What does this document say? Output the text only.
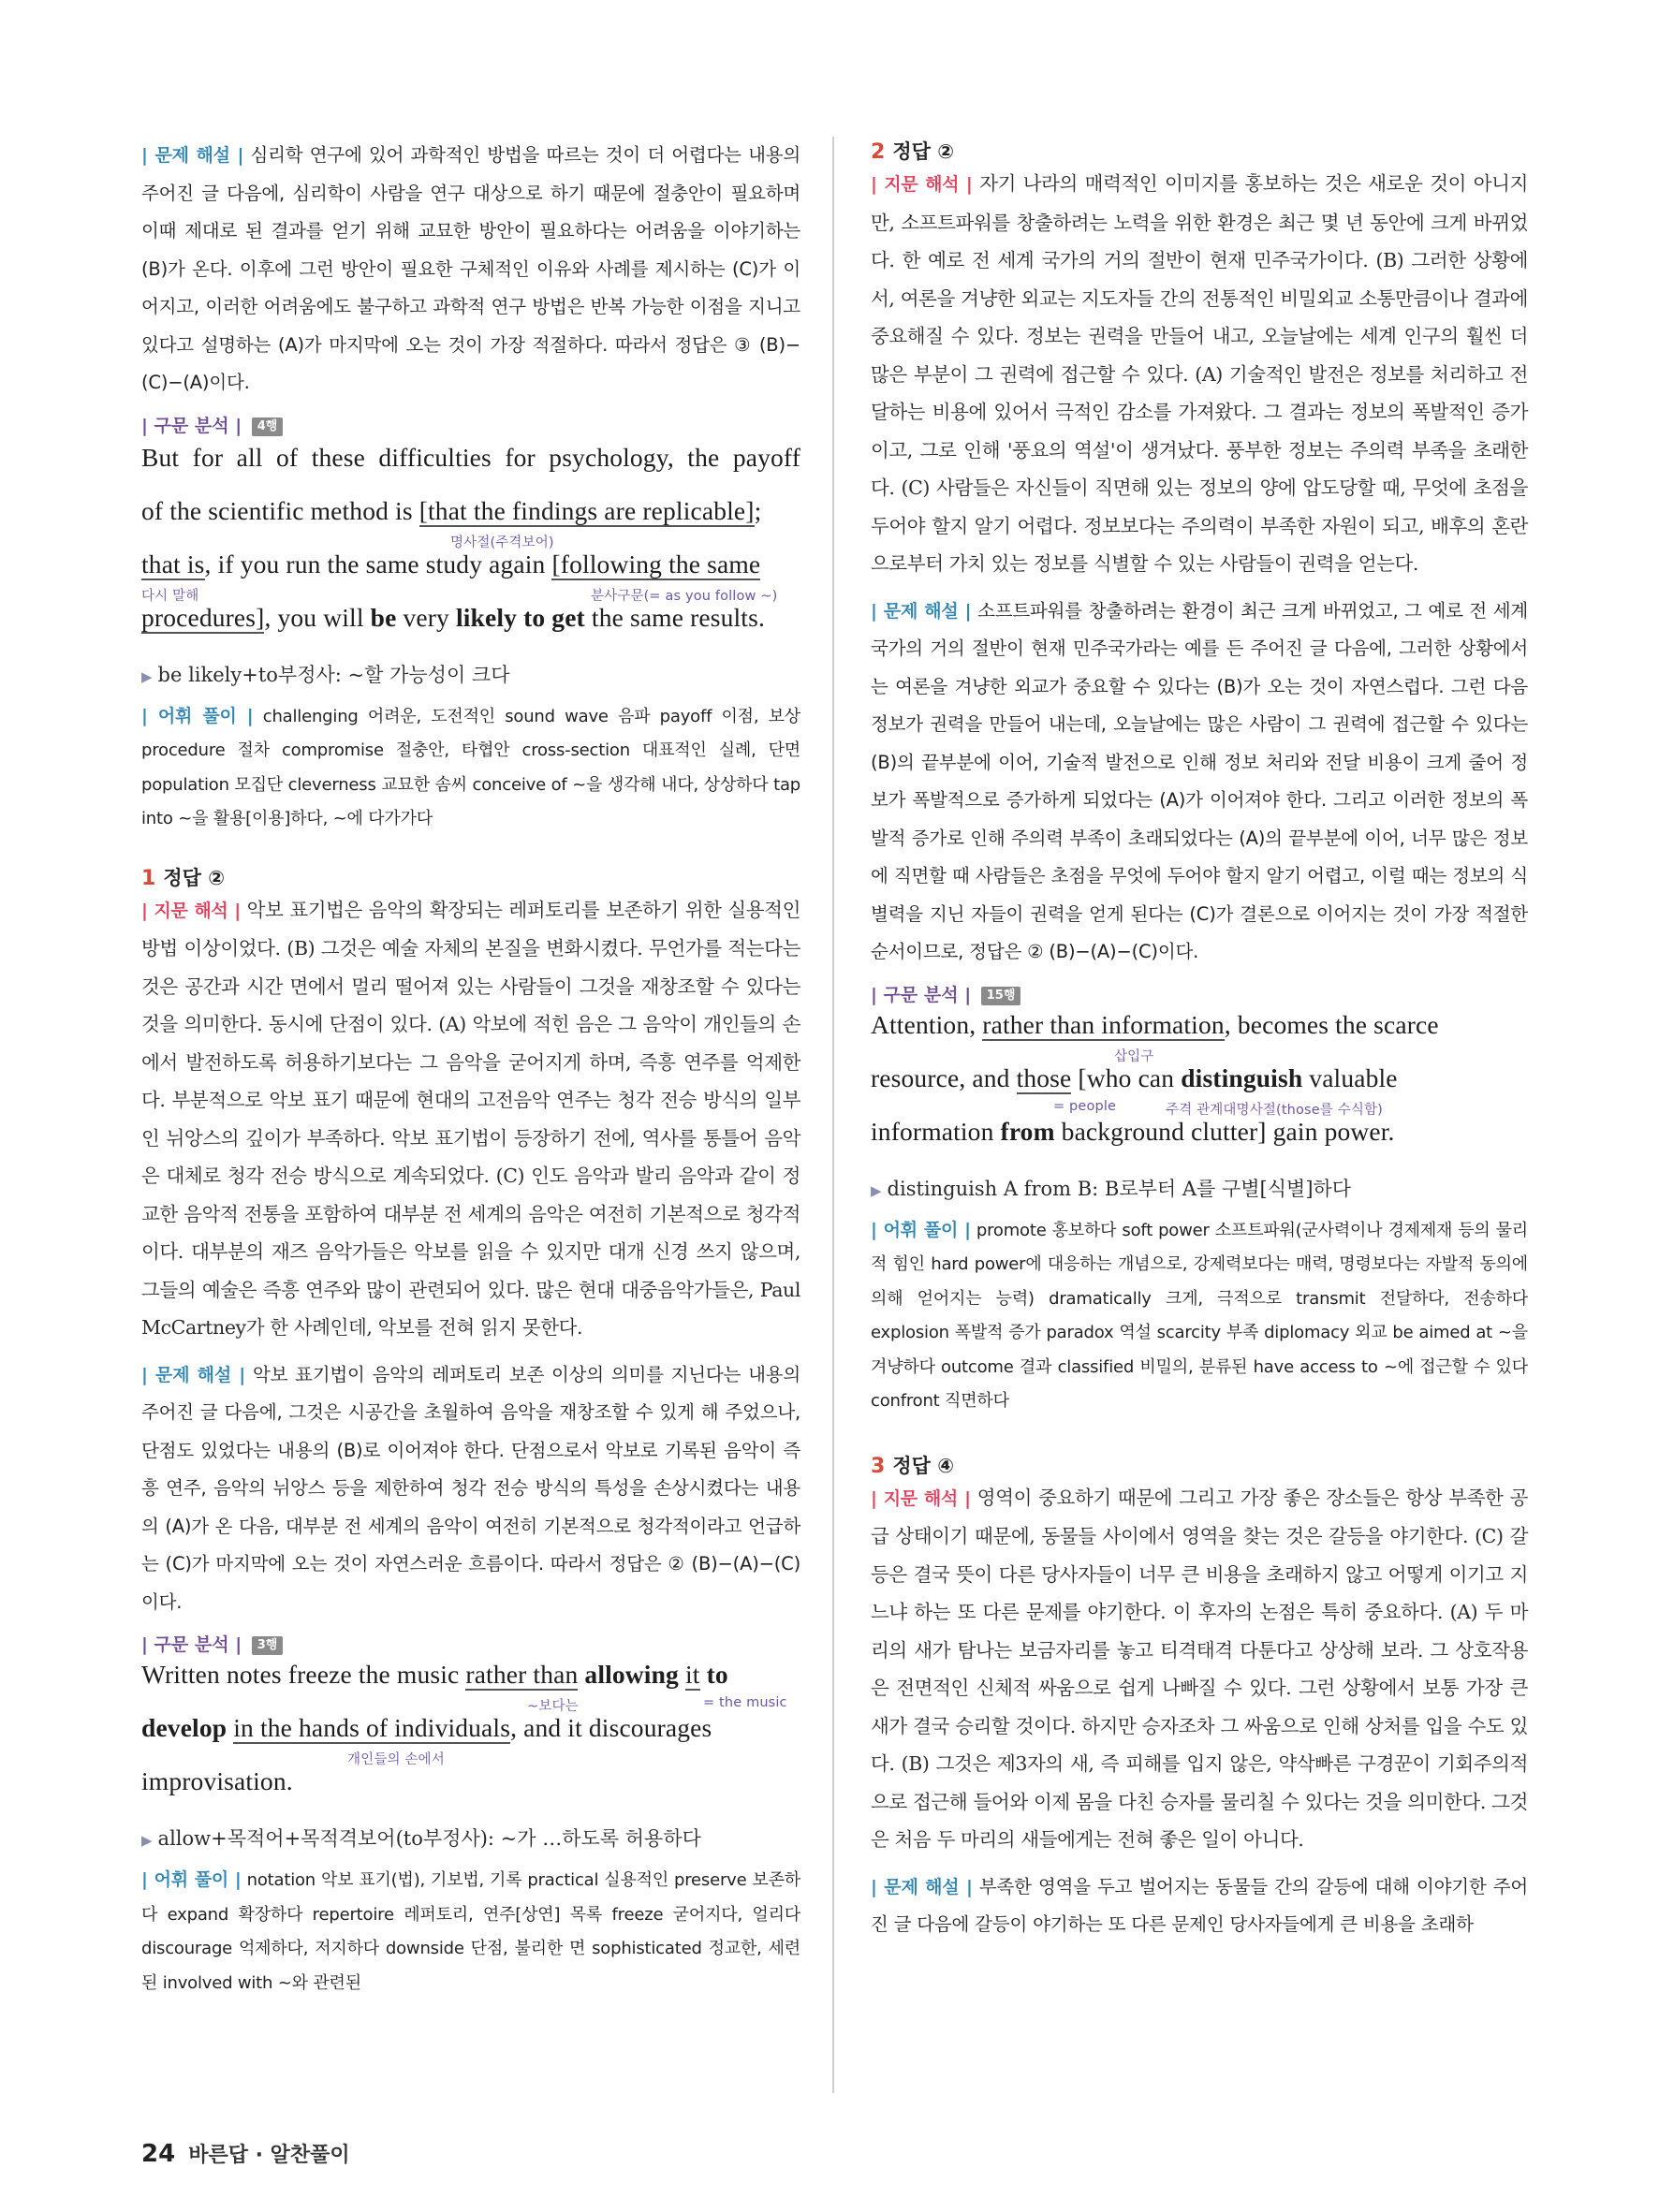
| 문제 해설 | 심리학 연구에 있어 과학적인 방법을 따르는 것이 더 어렵다는 내용의 주어진 글 다음에, 심리학이 사람을 연구 대상으로 하기 때문에 절충안이 필요하며 이때 제대로 된 결과를 얻기 위해 교묘한 방안이 필요하다는 어려움을 이야기하는 (B)가 온다. 이후에 그런 방안이 필요한 구체적인 이유와 사례를 제시하는 (C)가 이어지고, 이러한 어려움에도 불구하고 과학적 연구 방법은 반복 가능한 이점을 지니고 있다고 설명하는 (A)가 마지막에 오는 것이 가장 적절하다. 따라서 정답은 ③ (B)−(C)−(A)이다.
| 구문 분석 | 4행
But for all of these difficulties for psychology, the payoff
of the scientific method is [that the findings are replicable];
명사절(주격보어)
that is, if you run the same study again [following the same
다시 말해	분사구문(= as you follow ~)
procedures], you will be very likely to get the same results.
▶ be likely+to부정사: ~할 가능성이 크다
| 어휘 풀이 | challenging 어려운, 도전적인 sound wave 음파 payoff 이점, 보상 procedure 절차 compromise 절충안, 타협안 cross-section 대표적인 실례, 단면 population 모집단 cleverness 교묘한 솜씨 conceive of ~을 생각해 내다, 상상하다 tap into ~을 활용[이용]하다, ~에 다가가다
1 정답 ②
| 지문 해석 | 악보 표기법은 음악의 확장되는 레퍼토리를 보존하기 위한 실용적인 방법 이상이었다. (B) 그것은 예술 자체의 본질을 변화시켰다. 무언가를 적는다는 것은 공간과 시간 면에서 멀리 떨어져 있는 사람들이 그것을 재창조할 수 있다는 것을 의미한다. 동시에 단점이 있다. (A) 악보에 적힌 음은 그 음악이 개인들의 손에서 발전하도록 허용하기보다는 그 음악을 굳어지게 하며, 즉흥 연주를 억제한다. 부분적으로 악보 표기 때문에 현대의 고전음악 연주는 청각 전승 방식의 일부인 뉘앙스의 깊이가 부족하다. 악보 표기법이 등장하기 전에, 역사를 통틀어 음악은 대체로 청각 전승 방식으로 계속되었다. (C) 인도 음악과 발리 음악과 같이 정교한 음악적 전통을 포함하여 대부분 전 세계의 음악은 여전히 기본적으로 청각적이다. 대부분의 재즈 음악가들은 악보를 읽을 수 있지만 대개 신경 쓰지 않으며, 그들의 예술은 즉흥 연주와 많이 관련되어 있다. 많은 현대 대중음악가들은, Paul McCartney가 한 사례인데, 악보를 전혀 읽지 못한다.
| 문제 해설 | 악보 표기법이 음악의 레퍼토리 보존 이상의 의미를 지닌다는 내용의 주어진 글 다음에, 그것은 시공간을 초월하여 음악을 재창조할 수 있게 해 주었으나, 단점도 있었다는 내용의 (B)로 이어져야 한다. 단점으로서 악보로 기록된 음악이 즉흥 연주, 음악의 뉘앙스 등을 제한하여 청각 전승 방식의 특성을 손상시켰다는 내용의 (A)가 온 다음, 대부분 전 세계의 음악이 여전히 기본적으로 청각적이라고 언급하는 (C)가 마지막에 오는 것이 자연스러운 흐름이다. 따라서 정답은 ② (B)−(A)−(C)이다.
| 구문 분석 | 3행
Written notes freeze the music rather than allowing it to
~보다는	= the music
develop in the hands of individuals, and it discourages
개인들의 손에서
improvisation.
▶ allow+목적어+목적격보어(to부정사): ~가 …하도록 허용하다
| 어휘 풀이 | notation 악보 표기(법), 기보법, 기록 practical 실용적인 preserve 보존하다 expand 확장하다 repertoire 레퍼토리, 연주[상연] 목록 freeze 굳어지다, 얼리다 discourage 억제하다, 저지하다 downside 단점, 불리한 면 sophisticated 정교한, 세련된 involved with ~와 관련된
2 정답 ②
| 지문 해석 | 자기 나라의 매력적인 이미지를 홍보하는 것은 새로운 것이 아니지만, 소프트파워를 창출하려는 노력을 위한 환경은 최근 몇 년 동안에 크게 바뀌었다. 한 예로 전 세계 국가의 거의 절반이 현재 민주국가이다. (B) 그러한 상황에서, 여론을 겨냥한 외교는 지도자들 간의 전통적인 비밀외교 소통만큼이나 결과에 중요해질 수 있다. 정보는 권력을 만들어 내고, 오늘날에는 세계 인구의 훨씬 더 많은 부분이 그 권력에 접근할 수 있다. (A) 기술적인 발전은 정보를 처리하고 전달하는 비용에 있어서 극적인 감소를 가져왔다. 그 결과는 정보의 폭발적인 증가이고, 그로 인해 '풍요의 역설'이 생겨났다. 풍부한 정보는 주의력 부족을 초래한다. (C) 사람들은 자신들이 직면해 있는 정보의 양에 압도당할 때, 무엇에 초점을 두어야 할지 알기 어렵다. 정보보다는 주의력이 부족한 자원이 되고, 배후의 혼란으로부터 가치 있는 정보를 식별할 수 있는 사람들이 권력을 얻는다.
| 문제 해설 | 소프트파워를 창출하려는 환경이 최근 크게 바뀌었고, 그 예로 전 세계 국가의 거의 절반이 현재 민주국가라는 예를 든 주어진 글 다음에, 그러한 상황에서는 여론을 겨냥한 외교가 중요할 수 있다는 (B)가 오는 것이 자연스럽다. 그런 다음 정보가 권력을 만들어 내는데, 오늘날에는 많은 사람이 그 권력에 접근할 수 있다는 (B)의 끝부분에 이어, 기술적 발전으로 인해 정보 처리와 전달 비용이 크게 줄어 정보가 폭발적으로 증가하게 되었다는 (A)가 이어져야 한다. 그리고 이러한 정보의 폭발적 증가로 인해 주의력 부족이 초래되었다는 (A)의 끝부분에 이어, 너무 많은 정보에 직면할 때 사람들은 초점을 무엇에 두어야 할지 알기 어렵고, 이럴 때는 정보의 식별력을 지닌 자들이 권력을 얻게 된다는 (C)가 결론으로 이어지는 것이 가장 적절한 순서이므로, 정답은 ② (B)−(A)−(C)이다.
| 구문 분석 | 15행
Attention, rather than information, becomes the scarce
삽입구
resource, and those [who can distinguish valuable
= people	주격 관계대명사절(those를 수식함)
information from background clutter] gain power.
▶ distinguish A from B: B로부터 A를 구별[식별]하다
| 어휘 풀이 | promote 홍보하다 soft power 소프트파워(군사력이나 경제제재 등의 물리적 힘인 hard power에 대응하는 개념으로, 강제력보다는 매력, 명령보다는 자발적 동의에 의해 얻어지는 능력) dramatically 크게, 극적으로 transmit 전달하다, 전송하다 explosion 폭발적 증가 paradox 역설 scarcity 부족 diplomacy 외교 be aimed at ~을 겨냥하다 outcome 결과 classified 비밀의, 분류된 have access to ~에 접근할 수 있다 confront 직면하다
3 정답 ④
| 지문 해석 | 영역이 중요하기 때문에 그리고 가장 좋은 장소들은 항상 부족한 공급 상태이기 때문에, 동물들 사이에서 영역을 찾는 것은 갈등을 야기한다. (C) 갈등은 결국 뜻이 다른 당사자들이 너무 큰 비용을 초래하지 않고 어떻게 이기고 지느냐 하는 또 다른 문제를 야기한다. 이 후자의 논점은 특히 중요하다. (A) 두 마리의 새가 탐나는 보금자리를 놓고 티격태격 다툰다고 상상해 보라. 그 상호작용은 전면적인 신체적 싸움으로 쉽게 나빠질 수 있다. 그런 상황에서 보통 가장 큰 새가 결국 승리할 것이다. 하지만 승자조차 그 싸움으로 인해 상처를 입을 수도 있다. (B) 그것은 제3자의 새, 즉 피해를 입지 않은, 약삭빠른 구경꾼이 기회주의적으로 접근해 들어와 이제 몸을 다친 승자를 물리칠 수 있다는 것을 의미한다. 그것은 처음 두 마리의 새들에게는 전혀 좋은 일이 아니다.
| 문제 해설 | 부족한 영역을 두고 벌어지는 동물들 간의 갈등에 대해 이야기한 주어진 글 다음에 갈등이 야기하는 또 다른 문제인 당사자들에게 큰 비용을 초래하
24 바른답 · 알찬풀이
